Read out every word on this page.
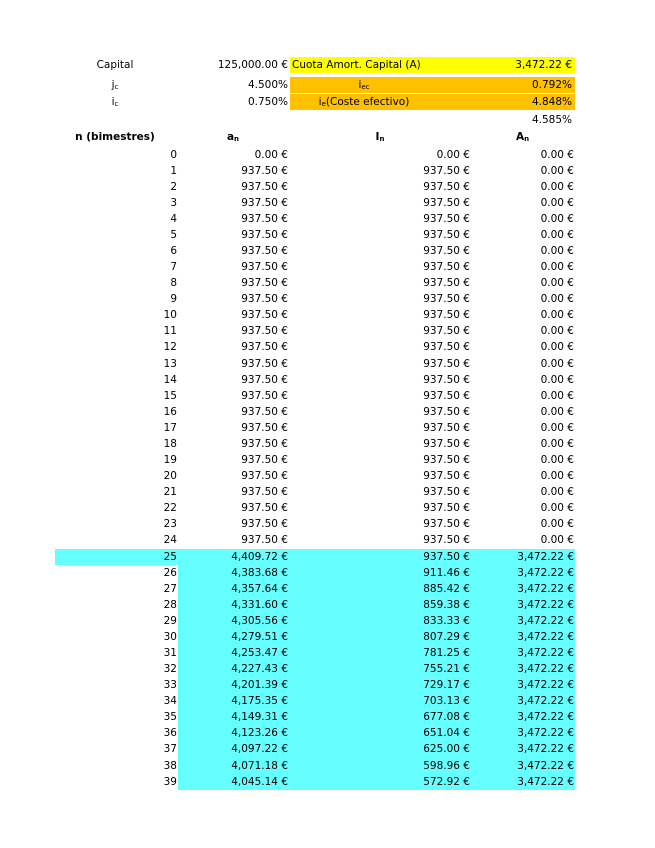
Capital	125,000.00 € Cuota Amort. Capital (A)	3,472.22 €
$j_c$	4.500%	$i_{ec}$	0.792%
$i_c$	0.750%	$i_e(Coste$ efectivo)	4.848%
4.585%
n (bimestres)	$a_n$	$I_n$	$A_n$
0	0.00 €	0.00 €	0.00 €
1	937.50 €	937.50 €	0.00 €
2	937.50 €	937.50 €	0.00 €
3	937.50 €	937.50 €	0.00 €
4	937.50 €	937.50 €	0.00 €
5	937.50 €	937.50 €	0.00 €
6	937.50 €	937.50 €	0.00 €
7	937.50 €	937.50 €	0.00 €
8	937.50 €	937.50 €	0.00 €
9	937.50 €	937.50 €	0.00 €
10	937.50 €	937.50 €	0.00 €
11	937.50 €	937.50 €	0.00 €
12	937.50 €	937.50 €	0.00 €
13	937.50 €	937.50 €	0.00 €
14	937.50 €	937.50 €	0.00 €
15	937.50 €	937.50 €	0.00 €
16	937.50 €	937.50 €	0.00 €
17	937.50 €	937.50 €	0.00 €
18	937.50 €	937.50 €	0.00 €
19	937.50 €	937.50 €	0.00 €
20	937.50 €	937.50 €	0.00 €
21	937.50 €	937.50 €	0.00 €
22	937.50 €	937.50 €	0.00 €
23	937.50 €	937.50 €	0.00 €
24	937.50 €	937.50 €	0.00 €
25	4,409.72 €	937.50 €	3,472.22 €
26	4,383.68 €	911.46 €	3,472.22 €
27	4,357.64 €	885.42 €	3,472.22 €
28	4,331.60 €	859.38 €	3,472.22 €
29	4,305.56 €	833.33 €	3,472.22 €
30	4,279.51 €	807.29 €	3,472.22 €
31	4,253.47 €	781.25 €	3,472.22 €
32	4,227.43 €	755.21 €	3,472.22 €
33	4,201.39 €	729.17 €	3,472.22 €
34	4,175.35 €	703.13 €	3,472.22 €
35	4,149.31 €	677.08 €	3,472.22 €
36	4,123.26 €	651.04 €	3,472.22 €
37	4,097.22 €	625.00 €	3,472.22 €
38	4,071.18 €	598.96 €	3,472.22 €
39	4,045.14 €	572.92 €	3,472.22 €
